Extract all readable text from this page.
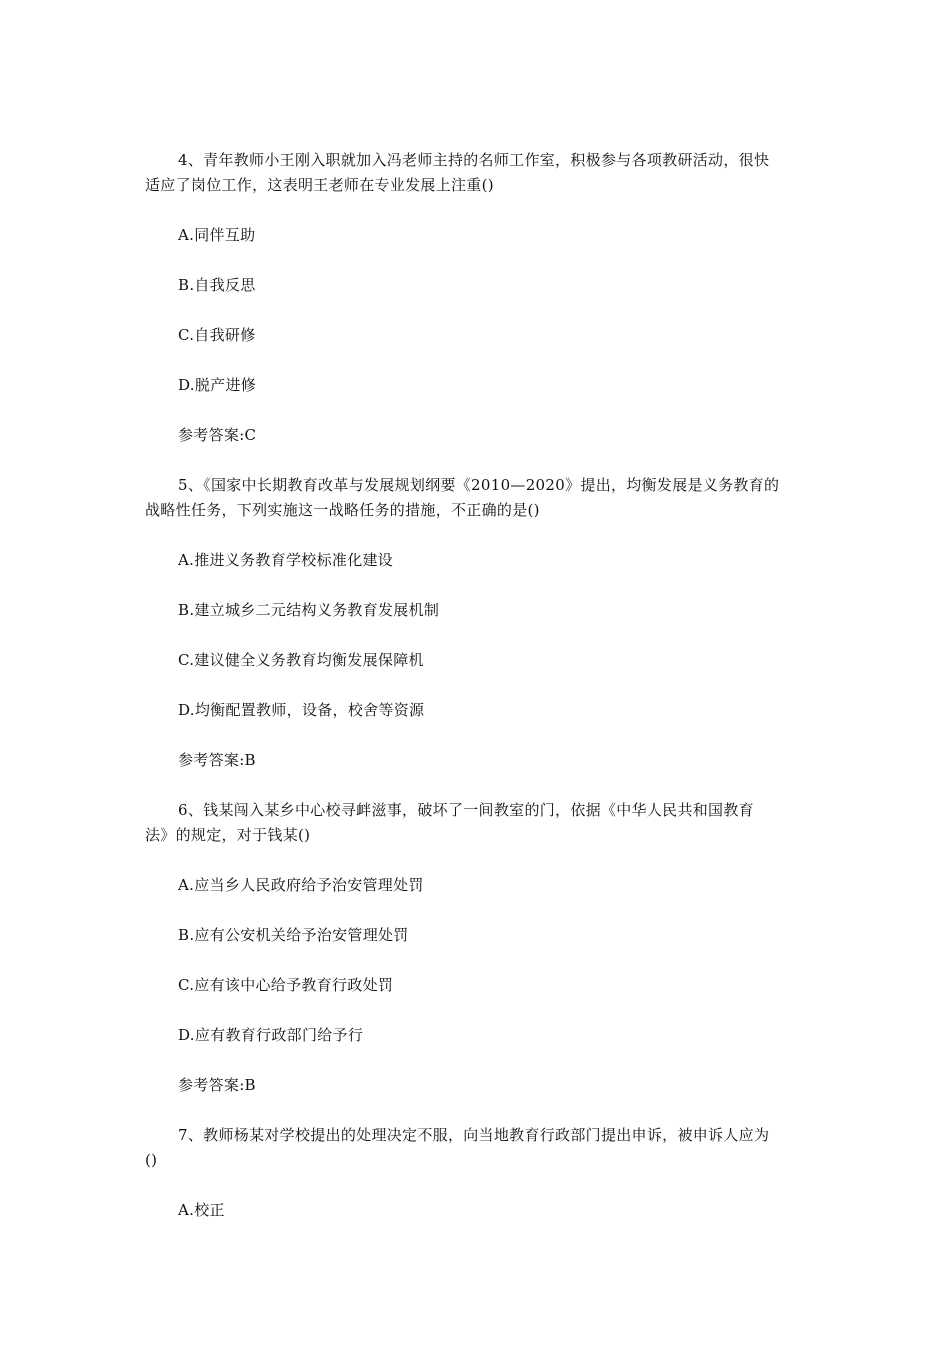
4、青年教师小王刚入职就加入冯老师主持的名师工作室，积极参与各项教研活动，很快
适应了岗位工作，这表明王老师在专业发展上注重()
A.同伴互助
B.自我反思
C.自我研修
D.脱产进修
参考答案:C
5、《国家中长期教育改革与发展规划纲要《2010—2020》提出，均衡发展是义务教育的
战略性任务，下列实施这一战略任务的措施，不正确的是()
A.推进义务教育学校标准化建设
B.建立城乡二元结构义务教育发展机制
C.建议健全义务教育均衡发展保障机
D.均衡配置教师，设备，校舍等资源
参考答案:B
6、钱某闯入某乡中心校寻衅滋事，破坏了一间教室的门，依据《中华人民共和国教育
法》的规定，对于钱某()
A.应当乡人民政府给予治安管理处罚
B.应有公安机关给予治安管理处罚
C.应有该中心给予教育行政处罚
D.应有教育行政部门给予行
参考答案:B
7、教师杨某对学校提出的处理决定不服，向当地教育行政部门提出申诉，被申诉人应为
()
A.校正
